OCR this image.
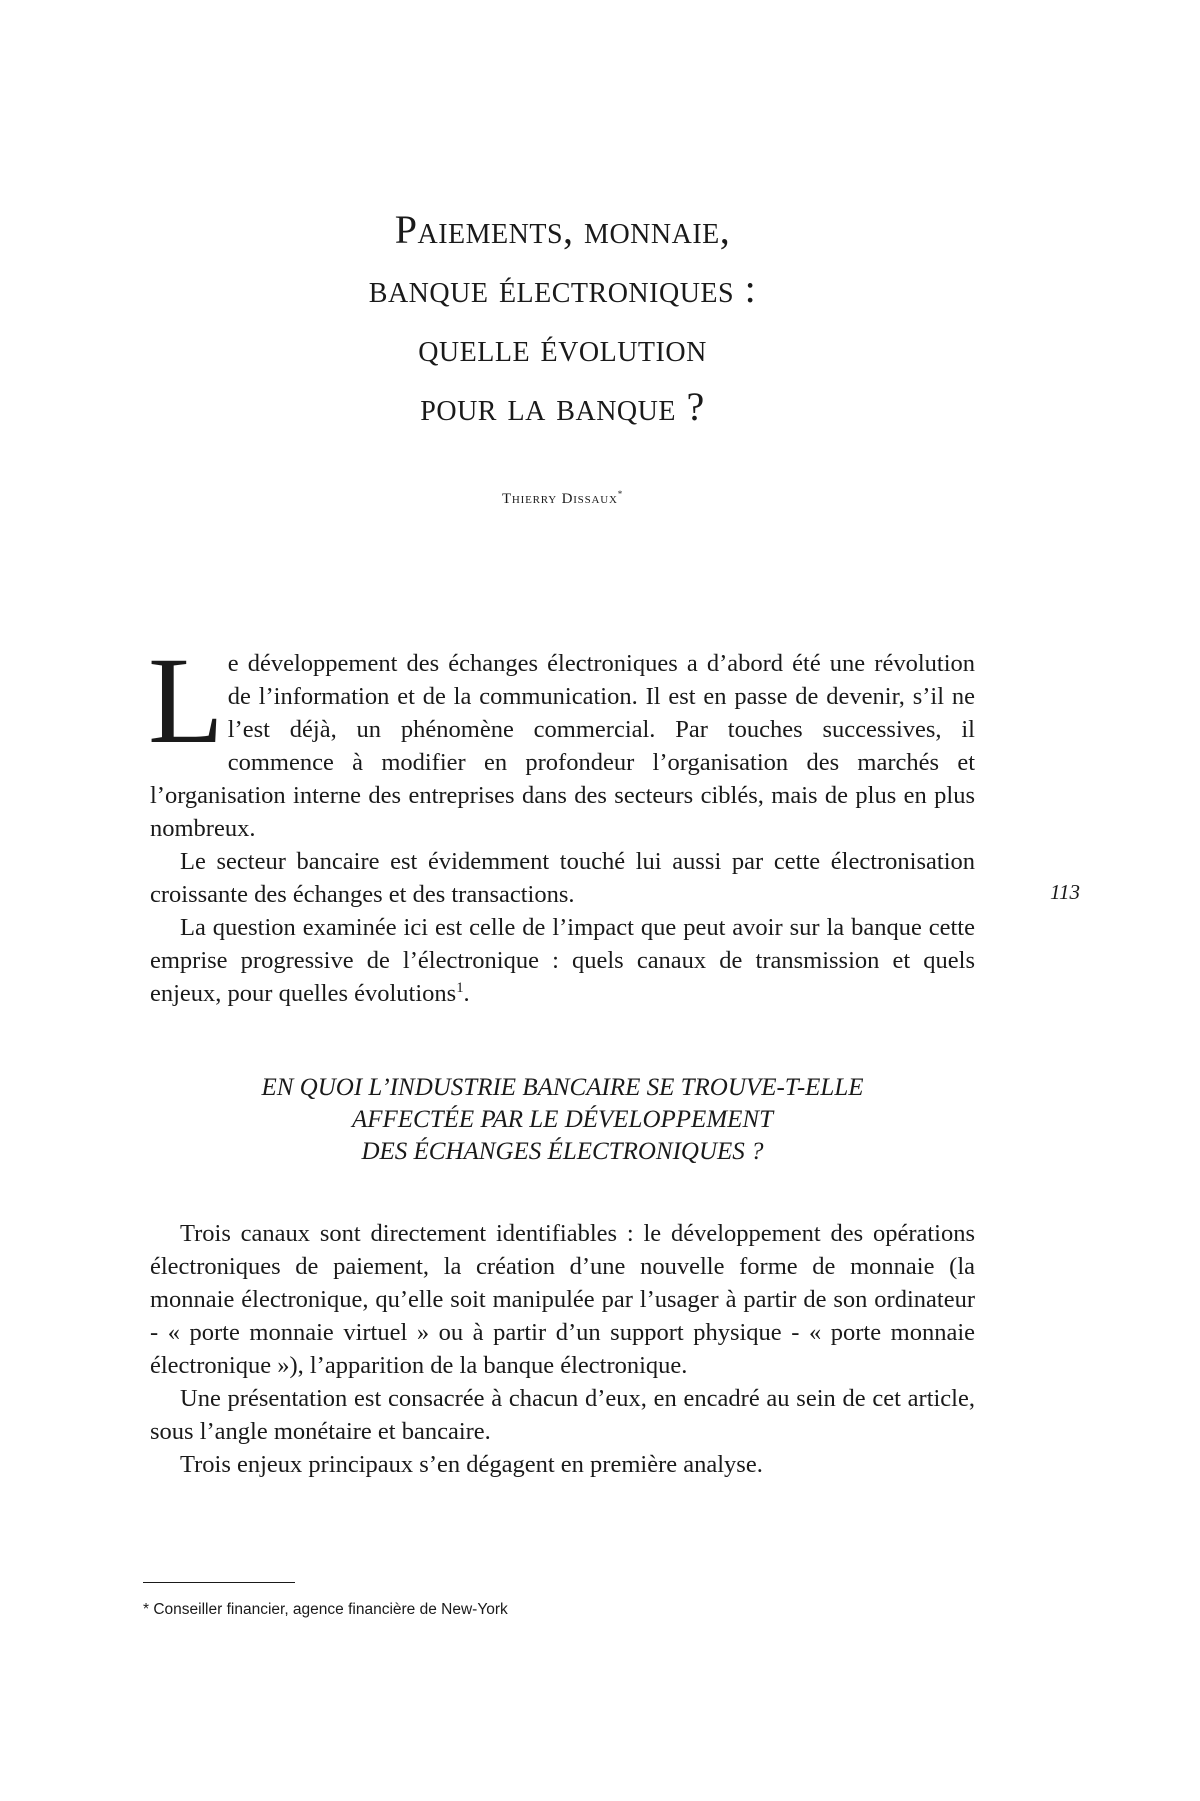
Paiements, monnaie,
banque électroniques :
quelle évolution
pour la banque ?
Thierry Dissaux*

Le développement des échanges électroniques a d’abord été une révolution de l’information et de la communication. Il est en passe de devenir, s’il ne l’est déjà, un phénomène commercial. Par touches successives, il commence à modifier en profondeur l’organisation des marchés et l’organisation interne des entreprises dans des secteurs ciblés, mais de plus en plus nombreux.

Le secteur bancaire est évidemment touché lui aussi par cette électronisation croissante des échanges et des transactions.

La question examinée ici est celle de l’impact que peut avoir sur la banque cette emprise progressive de l’électronique : quels canaux de transmission et quels enjeux, pour quelles évolutions$^1$.

113
EN QUOI L’INDUSTRIE BANCAIRE SE TROUVE-T-ELLE
AFFECTÉE PAR LE DÉVELOPPEMENT
DES ÉCHANGES ÉLECTRONIQUES ?

Trois canaux sont directement identifiables : le développement des opérations électroniques de paiement, la création d’une nouvelle forme de monnaie (la monnaie électronique, qu’elle soit manipulée par l’usager à partir de son ordinateur - « porte monnaie virtuel » ou à partir d’un support physique - « porte monnaie électronique »), l’apparition de la banque électronique.

Une présentation est consacrée à chacun d’eux, en encadré au sein de cet article, sous l’angle monétaire et bancaire.

Trois enjeux principaux s’en dégagent en première analyse.

* Conseiller financier, agence financière de New-York
